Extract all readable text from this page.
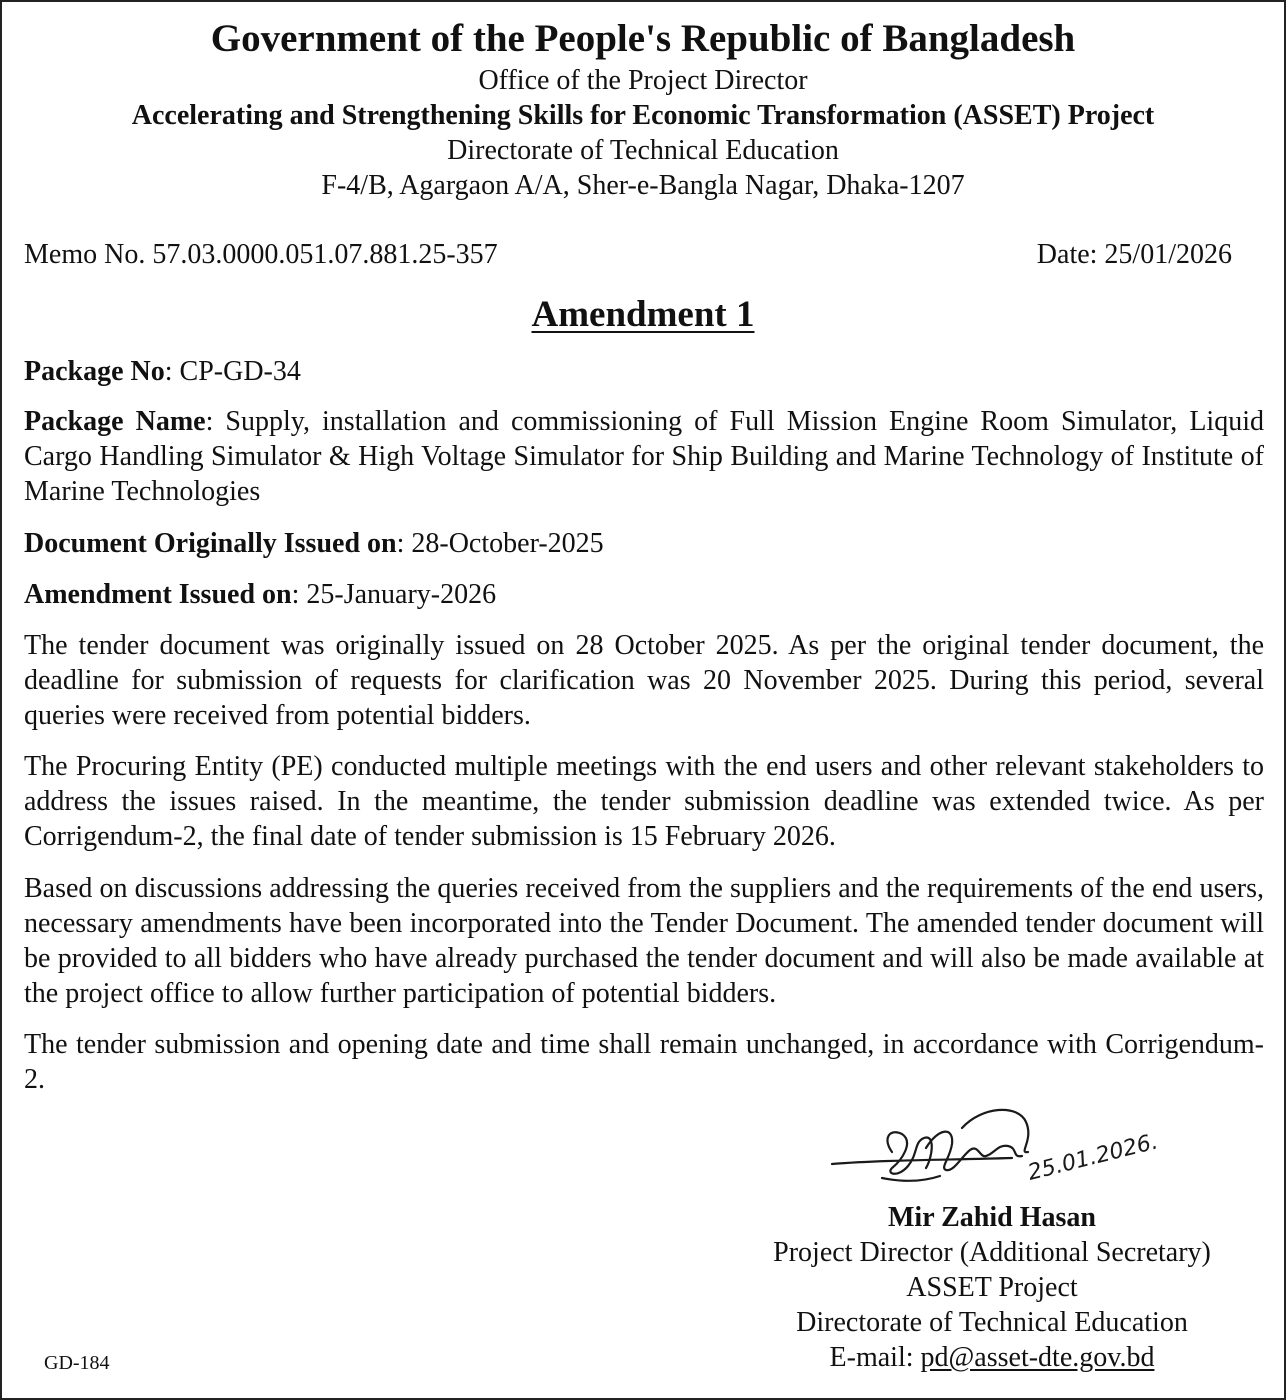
Government of the People's Republic of Bangladesh
Office of the Project Director
Accelerating and Strengthening Skills for Economic Transformation (ASSET) Project
Directorate of Technical Education
F-4/B, Agargaon A/A, Sher-e-Bangla Nagar, Dhaka-1207
Memo No. 57.03.0000.051.07.881.25-357	Date: 25/01/2026
Amendment 1
Package No: CP-GD-34
Package Name: Supply, installation and commissioning of Full Mission Engine Room Simulator, Liquid Cargo Handling Simulator & High Voltage Simulator for Ship Building and Marine Technology of Institute of Marine Technologies
Document Originally Issued on: 28-October-2025
Amendment Issued on: 25-January-2026
The tender document was originally issued on 28 October 2025. As per the original tender document, the deadline for submission of requests for clarification was 20 November 2025. During this period, several queries were received from potential bidders.
The Procuring Entity (PE) conducted multiple meetings with the end users and other relevant stakeholders to address the issues raised. In the meantime, the tender submission deadline was extended twice. As per Corrigendum-2, the final date of tender submission is 15 February 2026.
Based on discussions addressing the queries received from the suppliers and the requirements of the end users, necessary amendments have been incorporated into the Tender Document. The amended tender document will be provided to all bidders who have already purchased the tender document and will also be made available at the project office to allow further participation of potential bidders.
The tender submission and opening date and time shall remain unchanged, in accordance with Corrigendum-2.
25.01.2026.
Mir Zahid Hasan
Project Director (Additional Secretary)
ASSET Project
Directorate of Technical Education
E-mail: pd@asset-dte.gov.bd
GD-184
